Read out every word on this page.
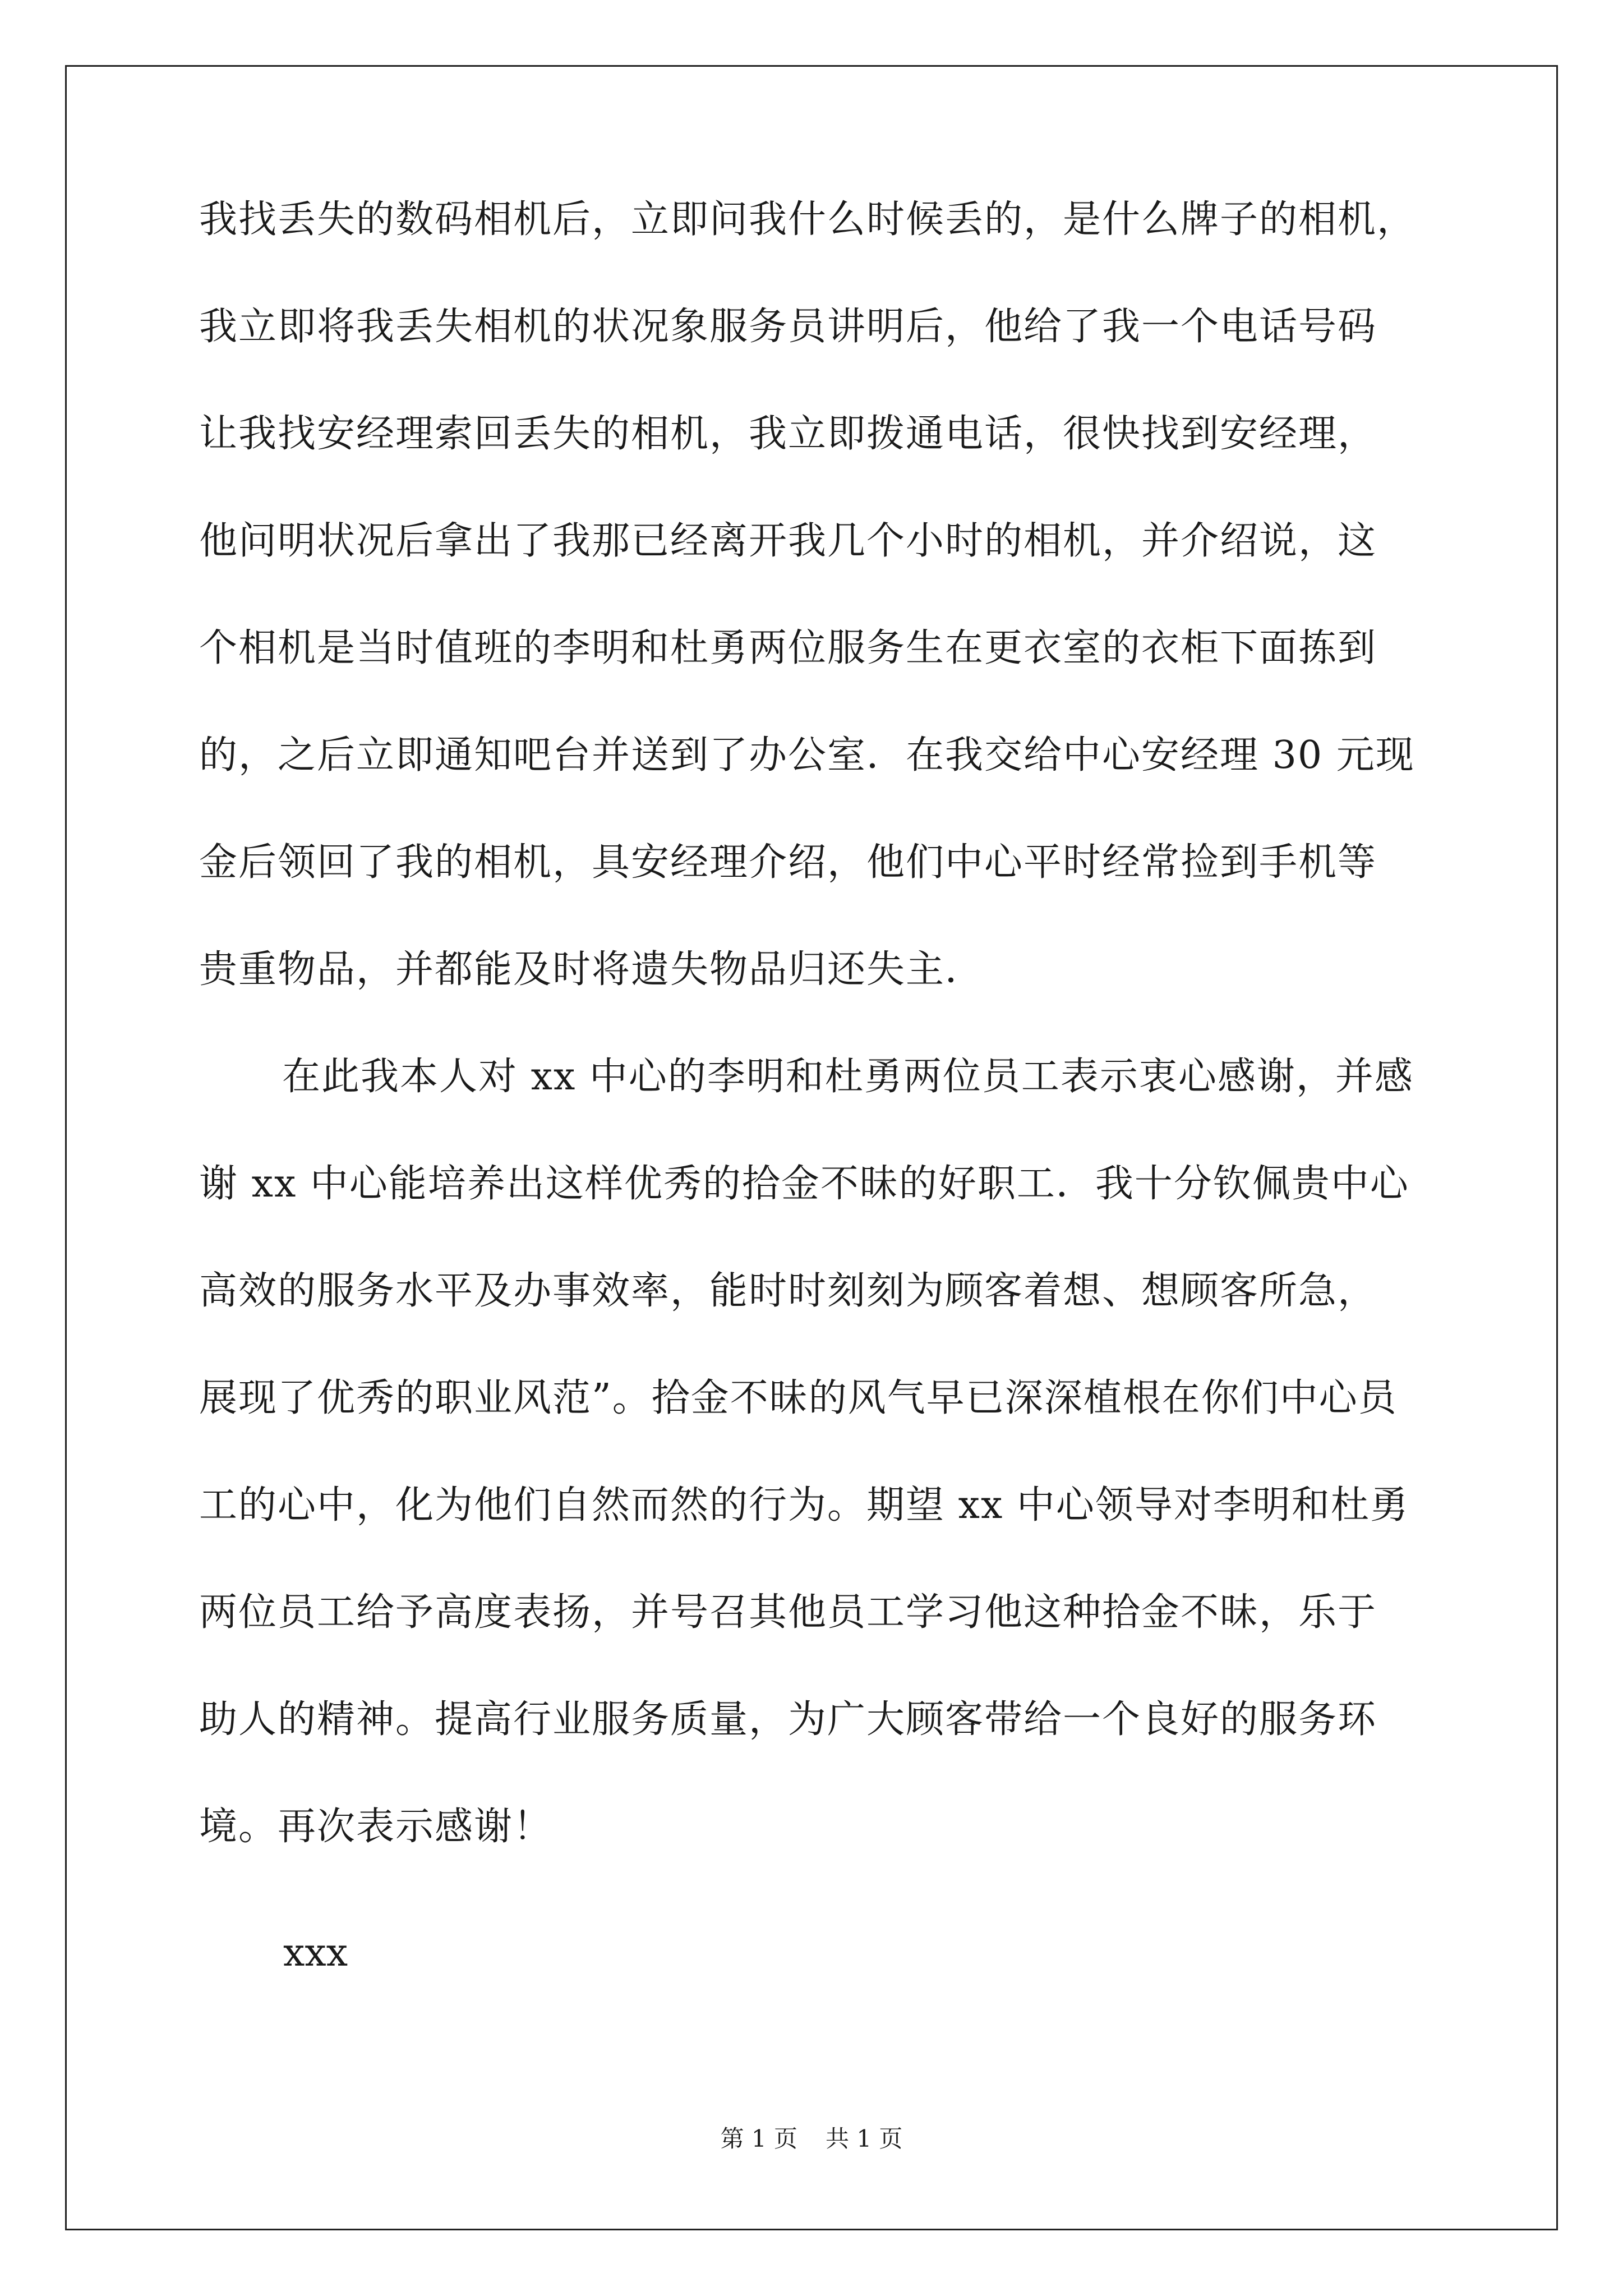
我找丢失的数码相机后，立即问我什么时候丢的，是什么牌子的相机，
我立即将我丢失相机的状况象服务员讲明后，他给了我一个电话号码
让我找安经理索回丢失的相机，我立即拨通电话，很快找到安经理，
他问明状况后拿出了我那已经离开我几个小时的相机，并介绍说，这
个相机是当时值班的李明和杜勇两位服务生在更衣室的衣柜下面拣到
的，之后立即通知吧台并送到了办公室．在我交给中心安经理 30 元现
金后领回了我的相机，具安经理介绍，他们中心平时经常捡到手机等
贵重物品，并都能及时将遗失物品归还失主．
在此我本人对 xx 中心的李明和杜勇两位员工表示衷心感谢，并感
谢 xx 中心能培养出这样优秀的拾金不昧的好职工．我十分钦佩贵中心
高效的服务水平及办事效率，能时时刻刻为顾客着想、想顾客所急，
展现了优秀的职业风范”。拾金不昧的风气早已深深植根在你们中心员
工的心中，化为他们自然而然的行为。期望 xx 中心领导对李明和杜勇
两位员工给予高度表扬，并号召其他员工学习他这种拾金不昧，乐于
助人的精神。提高行业服务质量，为广大顾客带给一个良好的服务环
境。再次表示感谢！
xxx
第 1 页 共 1 页
